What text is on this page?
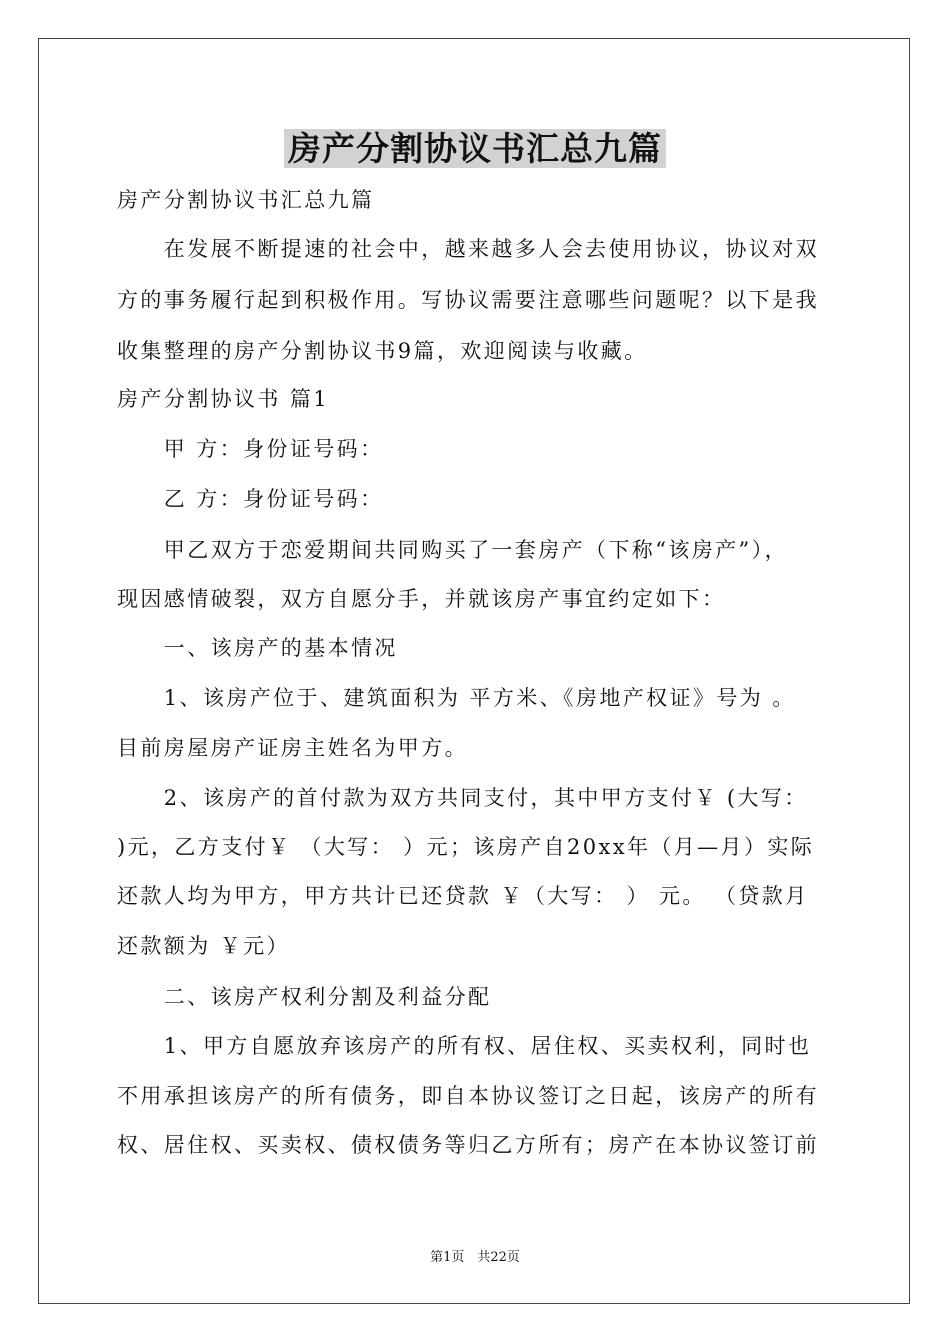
房产分割协议书汇总九篇
房产分割协议书汇总九篇
　　在发展不断提速的社会中，越来越多人会去使用协议，协议对双
方的事务履行起到积极作用。写协议需要注意哪些问题呢？以下是我
收集整理的房产分割协议书9篇，欢迎阅读与收藏。
房产分割协议书 篇1
　　甲 方：身份证号码：
　　乙 方：身份证号码：
　　甲乙双方于恋爱期间共同购买了一套房产（下称“该房产”），
现因感情破裂，双方自愿分手，并就该房产事宜约定如下：
　　一、该房产的基本情况
　　1、该房产位于、建筑面积为 平方米、《房地产权证》号为 。
目前房屋房产证房主姓名为甲方。
　　2、该房产的首付款为双方共同支付，其中甲方支付￥ (大写：
)元，乙方支付￥ （大写： ）元；该房产自20xx年（月—月）实际
还款人均为甲方，甲方共计已还贷款 ￥（大写： ） 元。 （贷款月
还款额为 ￥元）
　　二、该房产权利分割及利益分配
　　1、甲方自愿放弃该房产的所有权、居住权、买卖权利，同时也
不用承担该房产的所有债务，即自本协议签订之日起，该房产的所有
权、居住权、买卖权、债权债务等归乙方所有；房产在本协议签订前
第1页　共22页
